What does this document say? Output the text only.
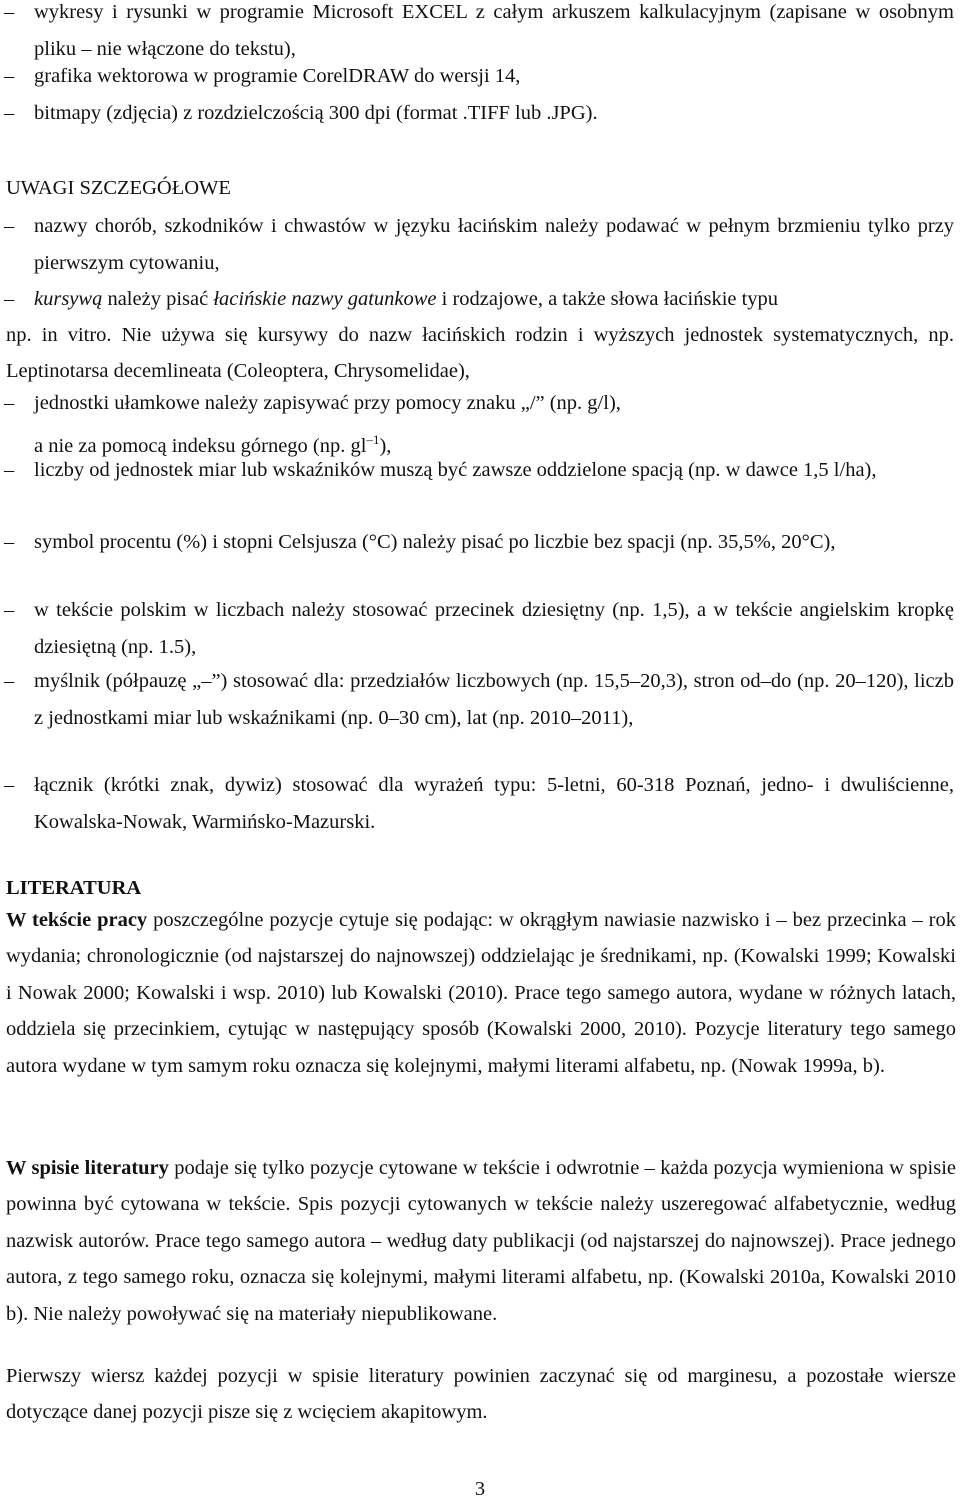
– wykresy i rysunki w programie Microsoft EXCEL z całym arkuszem kalkulacyjnym (zapisane w osobnym pliku – nie włączone do tekstu),
– grafika wektorowa w programie CorelDRAW do wersji 14,
– bitmapy (zdjęcia) z rozdzielczością 300 dpi (format .TIFF lub .JPG).
UWAGI SZCZEGÓŁOWE
– nazwy chorób, szkodników i chwastów w języku łacińskim należy podawać w pełnym brzmieniu tylko przy pierwszym cytowaniu,
– kursywą należy pisać łacińskie nazwy gatunkowe i rodzajowe, a także słowa łacińskie typu
np. in vitro. Nie używa się kursywy do nazw łacińskich rodzin i wyższych jednostek systematycznych, np. Leptinotarsa decemlineata (Coleoptera, Chrysomelidae),
– jednostki ułamkowe należy zapisywać przy pomocy znaku „/” (np. g/l),
a nie za pomocą indeksu górnego (np. $gl^{-1}$),
– liczby od jednostek miar lub wskaźników muszą być zawsze oddzielone spacją (np. w dawce 1,5 l/ha),
– symbol procentu (%) i stopni Celsjusza (°C) należy pisać po liczbie bez spacji (np. 35,5%, 20°C),
– w tekście polskim w liczbach należy stosować przecinek dziesiętny (np. 1,5), a w tekście angielskim kropkę dziesiętną (np. 1.5),
– myślnik (półpauzę „–”) stosować dla: przedziałów liczbowych (np. 15,5–20,3), stron od–do (np. 20–120), liczb z jednostkami miar lub wskaźnikami (np. 0–30 cm), lat (np. 2010–2011),
– łącznik (krótki znak, dywiz) stosować dla wyrażeń typu: 5-letni, 60-318 Poznań, jedno- i dwuliścienne, Kowalska-Nowak, Warmińsko-Mazurski.
LITERATURA

W tekście pracy poszczególne pozycje cytuje się podając: w okrągłym nawiasie nazwisko i – bez przecinka – rok wydania; chronologicznie (od najstarszej do najnowszej) oddzielając je średnikami, np. (Kowalski 1999; Kowalski i Nowak 2000; Kowalski i wsp. 2010) lub Kowalski (2010). Prace tego samego autora, wydane w różnych latach, oddziela się przecinkiem, cytując w następujący sposób (Kowalski 2000, 2010). Pozycje literatury tego samego autora wydane w tym samym roku oznacza się kolejnymi, małymi literami alfabetu, np. (Nowak 1999a, b).

W spisie literatury podaje się tylko pozycje cytowane w tekście i odwrotnie – każda pozycja wymieniona w spisie powinna być cytowana w tekście. Spis pozycji cytowanych w tekście należy uszeregować alfabetycznie, według nazwisk autorów. Prace tego samego autora – według daty publikacji (od najstarszej do najnowszej). Prace jednego autora, z tego samego roku, oznacza się kolejnymi, małymi literami alfabetu, np. (Kowalski 2010a, Kowalski 2010 b). Nie należy powoływać się na materiały niepublikowane.

Pierwszy wiersz każdej pozycji w spisie literatury powinien zaczynać się od marginesu, a pozostałe wiersze dotyczące danej pozycji pisze się z wcięciem akapitowym.

3
